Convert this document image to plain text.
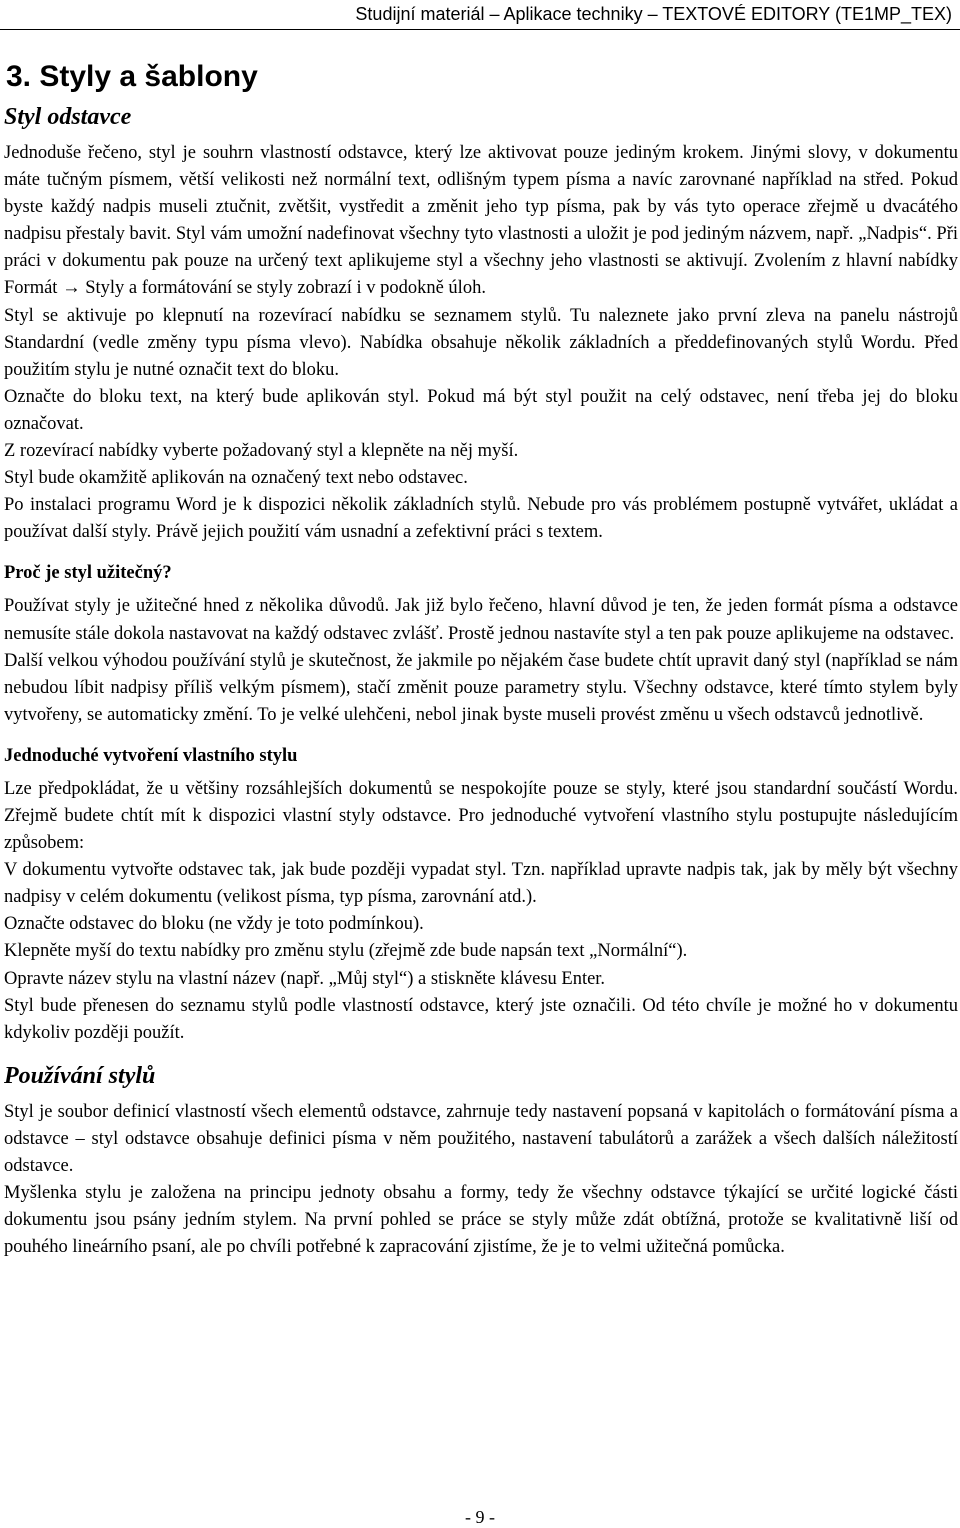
Studijní materiál – Aplikace techniky – TEXTOVÉ EDITORY (TE1MP_TEX)
3. Styly a šablony
Styl odstavce

Jednoduše řečeno, styl je souhrn vlastností odstavce, který lze aktivovat pouze jediným krokem. Jinými slovy, v dokumentu máte tučným písmem, větší velikosti než normální text, odlišným typem písma a navíc zarovnané například na střed. Pokud byste každý nadpis museli ztučnit, zvětšit, vystředit a změnit jeho typ písma, pak by vás tyto operace zřejmě u dvacátého nadpisu přestaly bavit. Styl vám umožní nadefinovat všechny tyto vlastnosti a uložit je pod jediným názvem, např. „Nadpis“. Při práci v dokumentu pak pouze na určený text aplikujeme styl a všechny jeho vlastnosti se aktivují. Zvolením z hlavní nabídky Formát → Styly a formátování se styly zobrazí i v podokně úloh.

Styl se aktivuje po klepnutí na rozevírací nabídku se seznamem stylů. Tu naleznete jako první zleva na panelu nástrojů Standardní (vedle změny typu písma vlevo). Nabídka obsahuje několik základních a předdefinovaných stylů Wordu. Před použitím stylu je nutné označit text do bloku.

Označte do bloku text, na který bude aplikován styl. Pokud má být styl použit na celý odstavec, není třeba jej do bloku označovat.

Z rozevírací nabídky vyberte požadovaný styl a klepněte na něj myší.

Styl bude okamžitě aplikován na označený text nebo odstavec.

Po instalaci programu Word je k dispozici několik základních stylů. Nebude pro vás problémem postupně vytvářet, ukládat a používat další styly. Právě jejich použití vám usnadní a zefektivní práci s textem.

Proč je styl užitečný?

Používat styly je užitečné hned z několika důvodů. Jak již bylo řečeno, hlavní důvod je ten, že jeden formát písma a odstavce nemusíte stále dokola nastavovat na každý odstavec zvlášť. Prostě jednou nastavíte styl a ten pak pouze aplikujeme na odstavec.

Další velkou výhodou používání stylů je skutečnost, že jakmile po nějakém čase budete chtít upravit daný styl (například se nám nebudou líbit nadpisy příliš velkým písmem), stačí změnit pouze parametry stylu. Všechny odstavce, které tímto stylem byly vytvořeny, se automaticky změní. To je velké ulehčeni, nebol jinak byste museli provést změnu u všech odstavců jednotlivě.

Jednoduché vytvoření vlastního stylu

Lze předpokládat, že u většiny rozsáhlejších dokumentů se nespokojíte pouze se styly, které jsou standardní součástí Wordu. Zřejmě budete chtít mít k dispozici vlastní styly odstavce. Pro jednoduché vytvoření vlastního stylu postupujte následujícím způsobem:

V dokumentu vytvořte odstavec tak, jak bude později vypadat styl. Tzn. například upravte nadpis tak, jak by měly být všechny nadpisy v celém dokumentu (velikost písma, typ písma, zarovnání atd.).

Označte odstavec do bloku (ne vždy je toto podmínkou).

Klepněte myší do textu nabídky pro změnu stylu (zřejmě zde bude napsán text „Normální“).

Opravte název stylu na vlastní název (např. „Můj styl“) a stiskněte klávesu Enter.

Styl bude přenesen do seznamu stylů podle vlastností odstavce, který jste označili. Od této chvíle je možné ho v dokumentu kdykoliv později použít.

Používání stylů

Styl je soubor definicí vlastností všech elementů odstavce, zahrnuje tedy nastavení popsaná v kapitolách o formátování písma a odstavce – styl odstavce obsahuje definici písma v něm použitého, nastavení tabulátorů a zarážek a všech dalších náležitostí odstavce.

Myšlenka stylu je založena na principu jednoty obsahu a formy, tedy že všechny odstavce týkající se určité logické části dokumentu jsou psány jedním stylem. Na první pohled se práce se styly může zdát obtížná, protože se kvalitativně liší od pouhého lineárního psaní, ale po chvíli potřebné k zapracování zjistíme, že je to velmi užitečná pomůcka.

- 9 -
